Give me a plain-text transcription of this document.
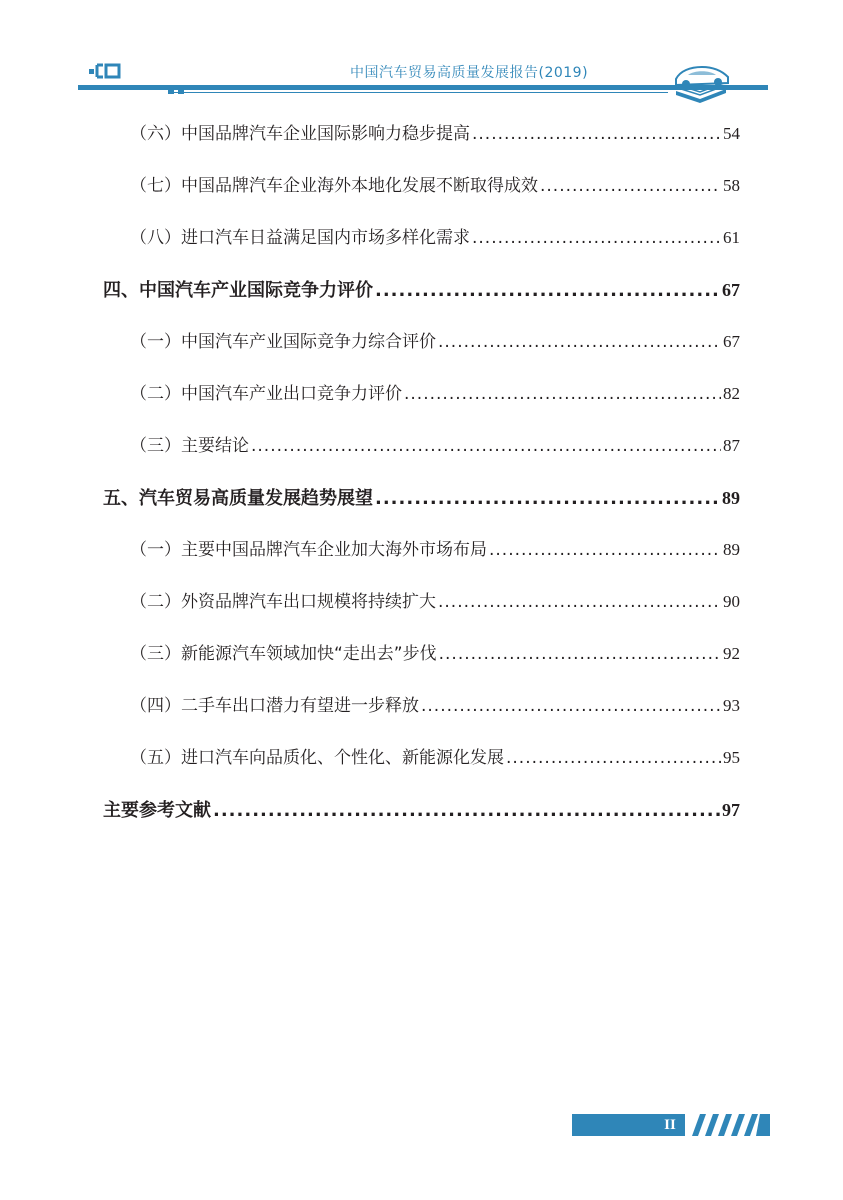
中国汽车贸易高质量发展报告(2019)
（六）中国品牌汽车企业国际影响力稳步提高 .....	54
（七）中国品牌汽车企业海外本地化发展不断取得成效 .....	58
（八）进口汽车日益满足国内市场多样化需求 .....	61
四、中国汽车产业国际竞争力评价 .....	67
（一）中国汽车产业国际竞争力综合评价 .....	67
（二）中国汽车产业出口竞争力评价 .....	82
（三）主要结论 .....	87
五、汽车贸易高质量发展趋势展望 .....	89
（一）主要中国品牌汽车企业加大海外市场布局 .....	89
（二）外资品牌汽车出口规模将持续扩大 .....	90
（三）新能源汽车领域加快“走出去”步伐 .....	92
（四）二手车出口潜力有望进一步释放 .....	93
（五）进口汽车向品质化、个性化、新能源化发展 .....	95
主要参考文献 .....	97
II
